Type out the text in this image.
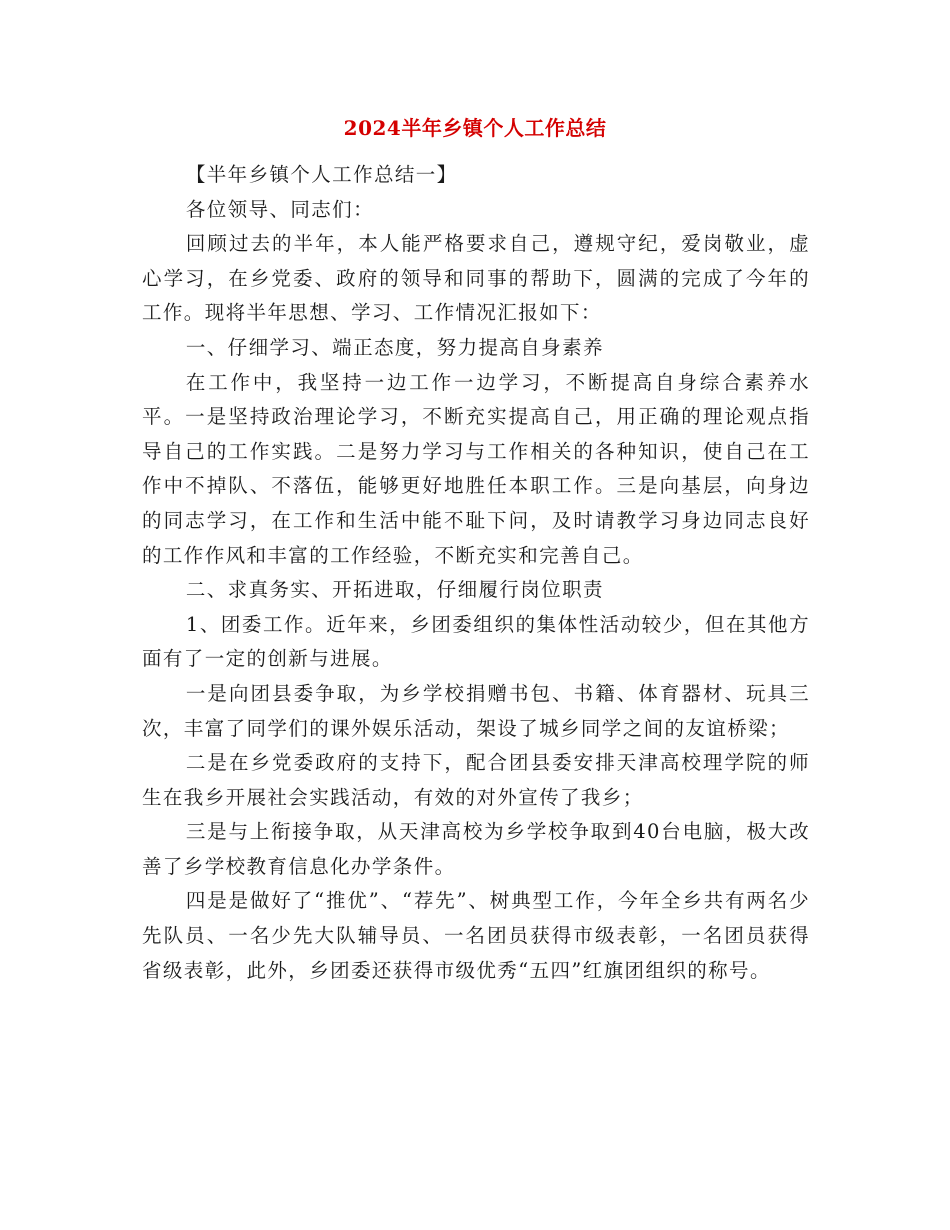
2024半年乡镇个人工作总结

【半年乡镇个人工作总结一】

各位领导、同志们：

回顾过去的半年，本人能严格要求自己，遵规守纪，爱岗敬业，虚心学习，在乡党委、政府的领导和同事的帮助下，圆满的完成了今年的工作。现将半年思想、学习、工作情况汇报如下：

一、仔细学习、端正态度，努力提高自身素养

在工作中，我坚持一边工作一边学习，不断提高自身综合素养水平。一是坚持政治理论学习，不断充实提高自己，用正确的理论观点指导自己的工作实践。二是努力学习与工作相关的各种知识，使自己在工作中不掉队、不落伍，能够更好地胜任本职工作。三是向基层，向身边的同志学习，在工作和生活中能不耻下问，及时请教学习身边同志良好的工作作风和丰富的工作经验，不断充实和完善自己。

二、求真务实、开拓进取，仔细履行岗位职责

1、团委工作。近年来，乡团委组织的集体性活动较少，但在其他方面有了一定的创新与进展。

一是向团县委争取，为乡学校捐赠书包、书籍、体育器材、玩具三次，丰富了同学们的课外娱乐活动，架设了城乡同学之间的友谊桥梁；

二是在乡党委政府的支持下，配合团县委安排天津高校理学院的师生在我乡开展社会实践活动，有效的对外宣传了我乡；

三是与上衔接争取，从天津高校为乡学校争取到40台电脑，极大改善了乡学校教育信息化办学条件。

四是是做好了“推优”、“荐先”、树典型工作，今年全乡共有两名少先队员、一名少先大队辅导员、一名团员获得市级表彰，一名团员获得省级表彰，此外，乡团委还获得市级优秀“五四”红旗团组织的称号。
